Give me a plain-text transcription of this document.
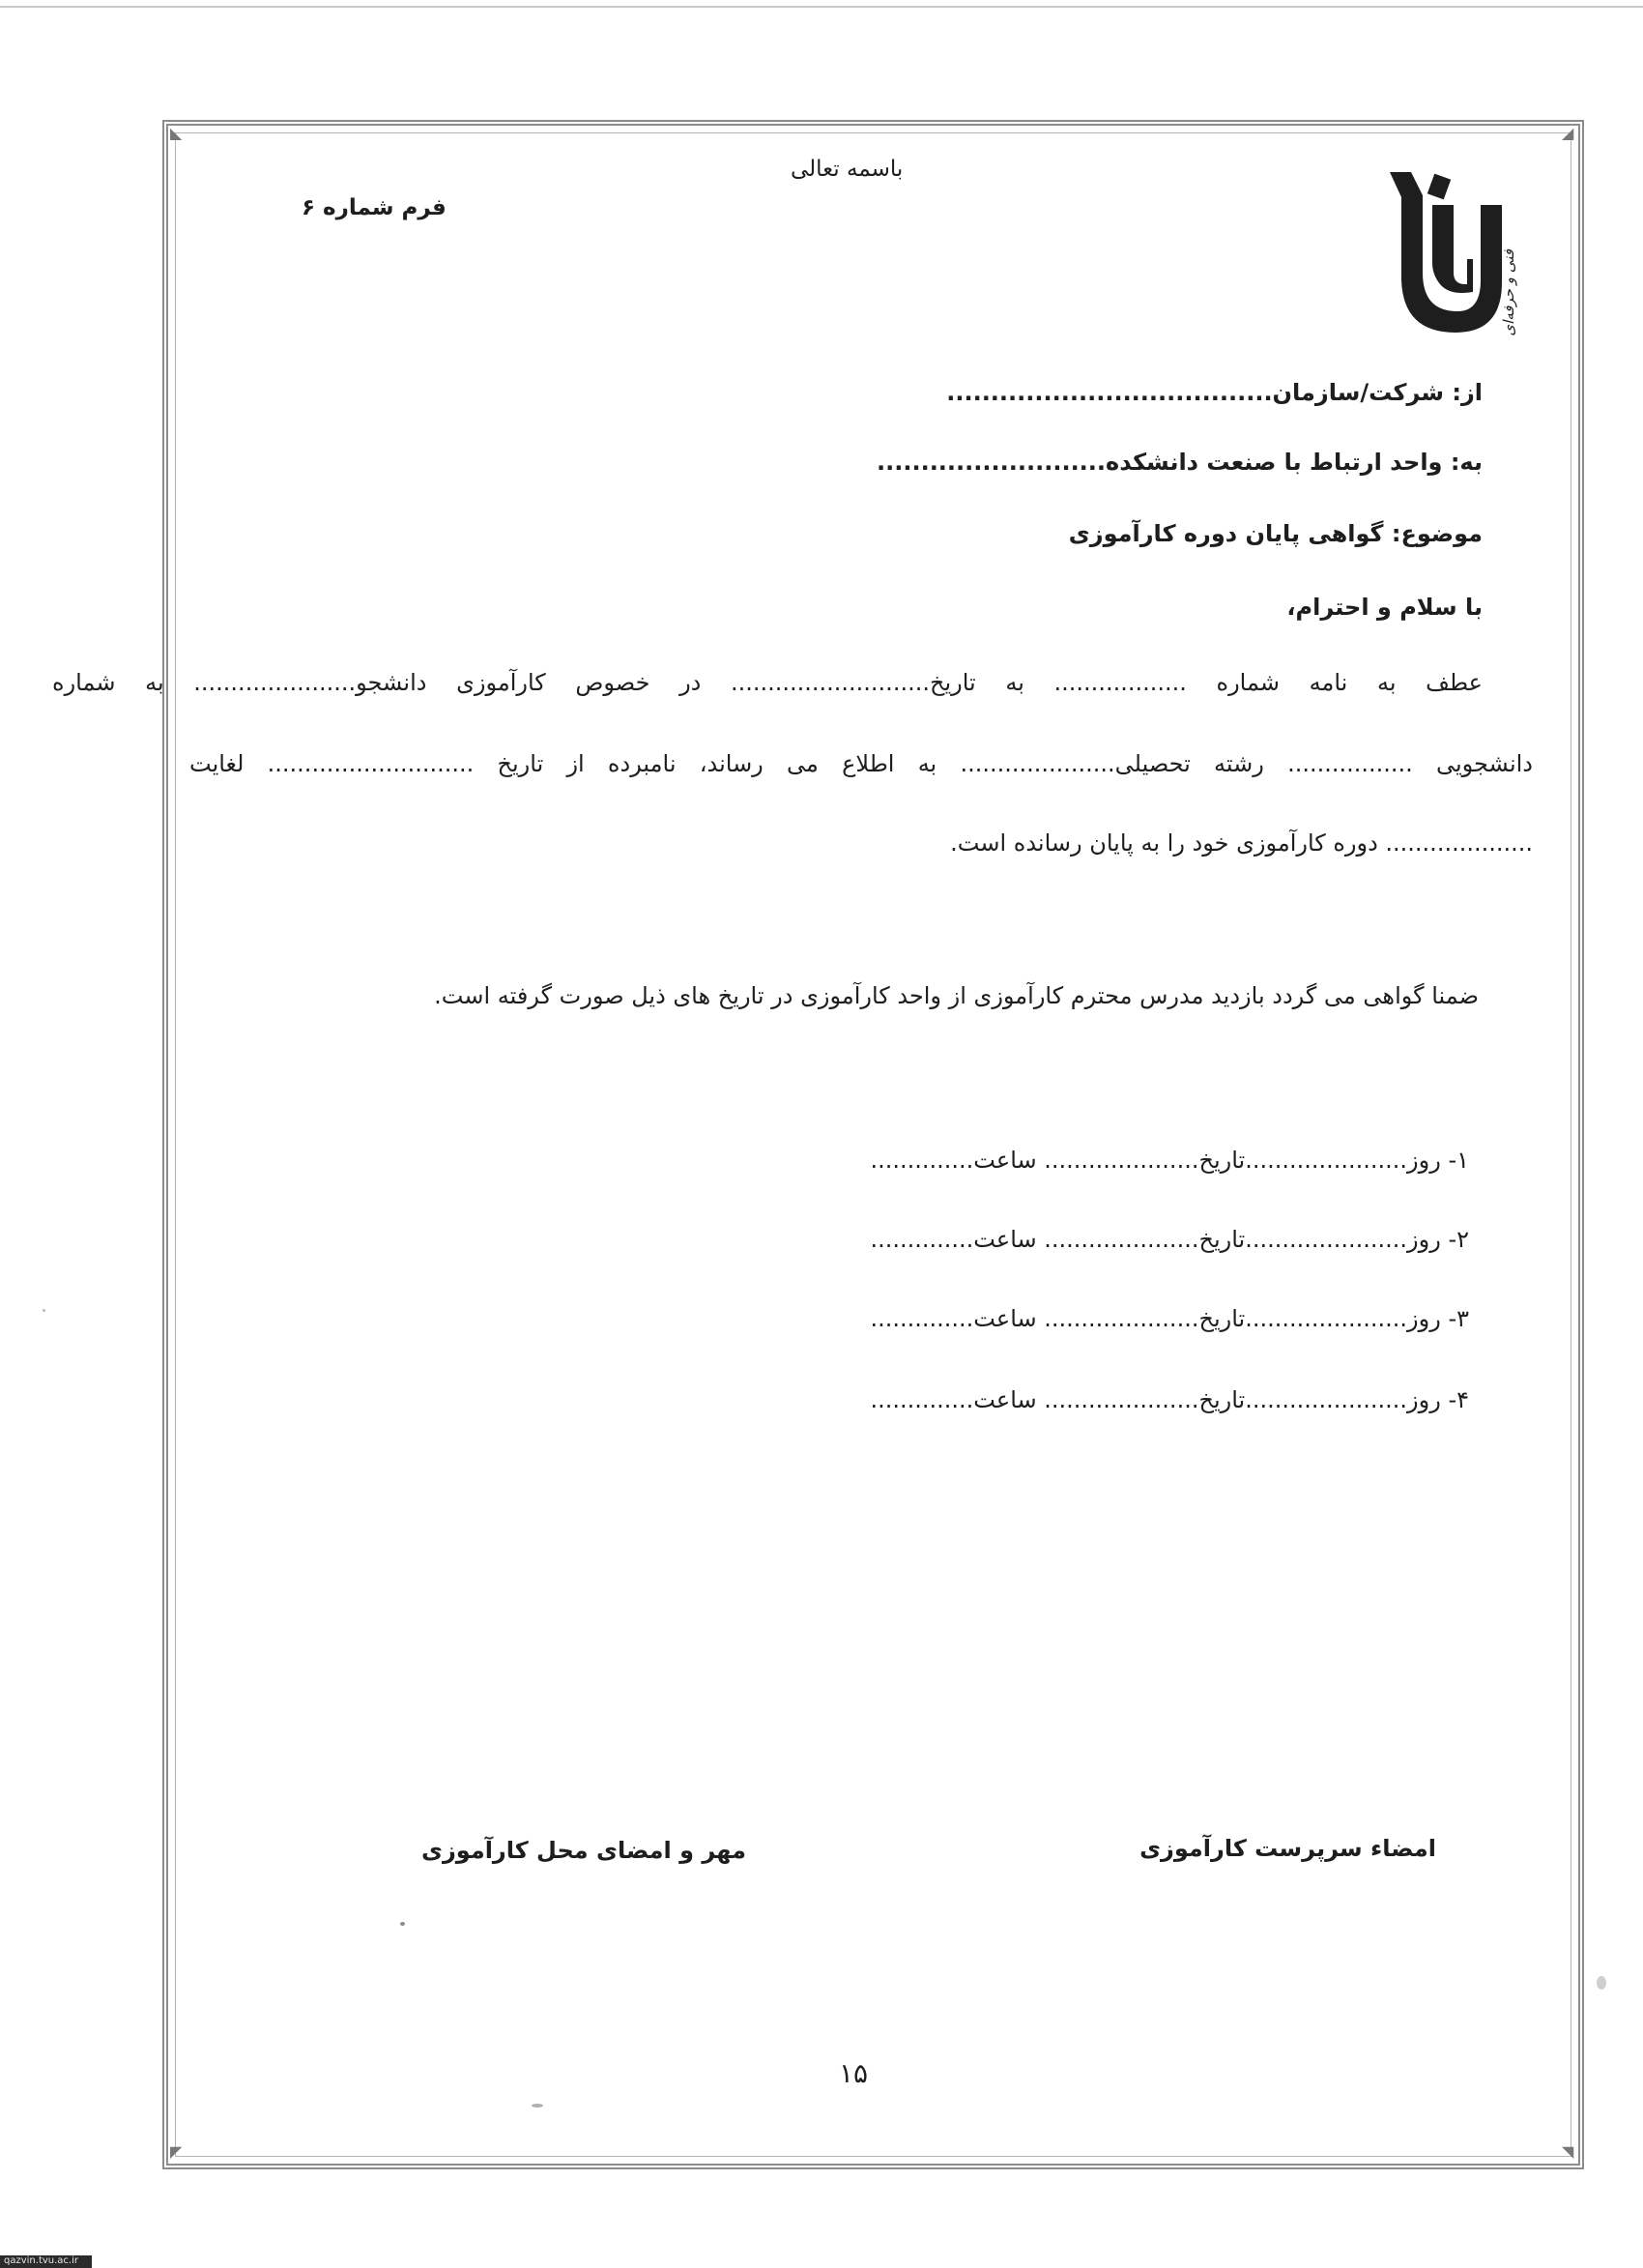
◣	◢
◤	◥
باسمه تعالی
فرم شماره ۶
دانشگاه فنی و حرفه‌ای
از: شرکت/سازمان.....................................
به: واحد ارتباط با صنعت دانشکده..........................
موضوع: گواهی پایان دوره کارآموزی
با سلام و احترام،
عطف به نامه شماره .................. به تاریخ........................... در خصوص کارآموزی دانشجو...................... به شماره
دانشجویی ................. رشته تحصیلی..................... به اطلاع می رساند، نامبرده از تاریخ ............................ لغایت
.................... دوره کارآموزی خود را به پایان رسانده است.
ضمنا گواهی می گردد بازدید مدرس محترم کارآموزی از واحد کارآموزی در تاریخ های ذیل صورت گرفته است.
۱- روز......................تاریخ..................... ساعت..............
۲- روز......................تاریخ..................... ساعت..............
۳- روز......................تاریخ..................... ساعت..............
۴- روز......................تاریخ..................... ساعت..............
امضاء سرپرست کارآموزی
مهر و امضای محل کارآموزی
۱۵
qazvin.tvu.ac.ir
